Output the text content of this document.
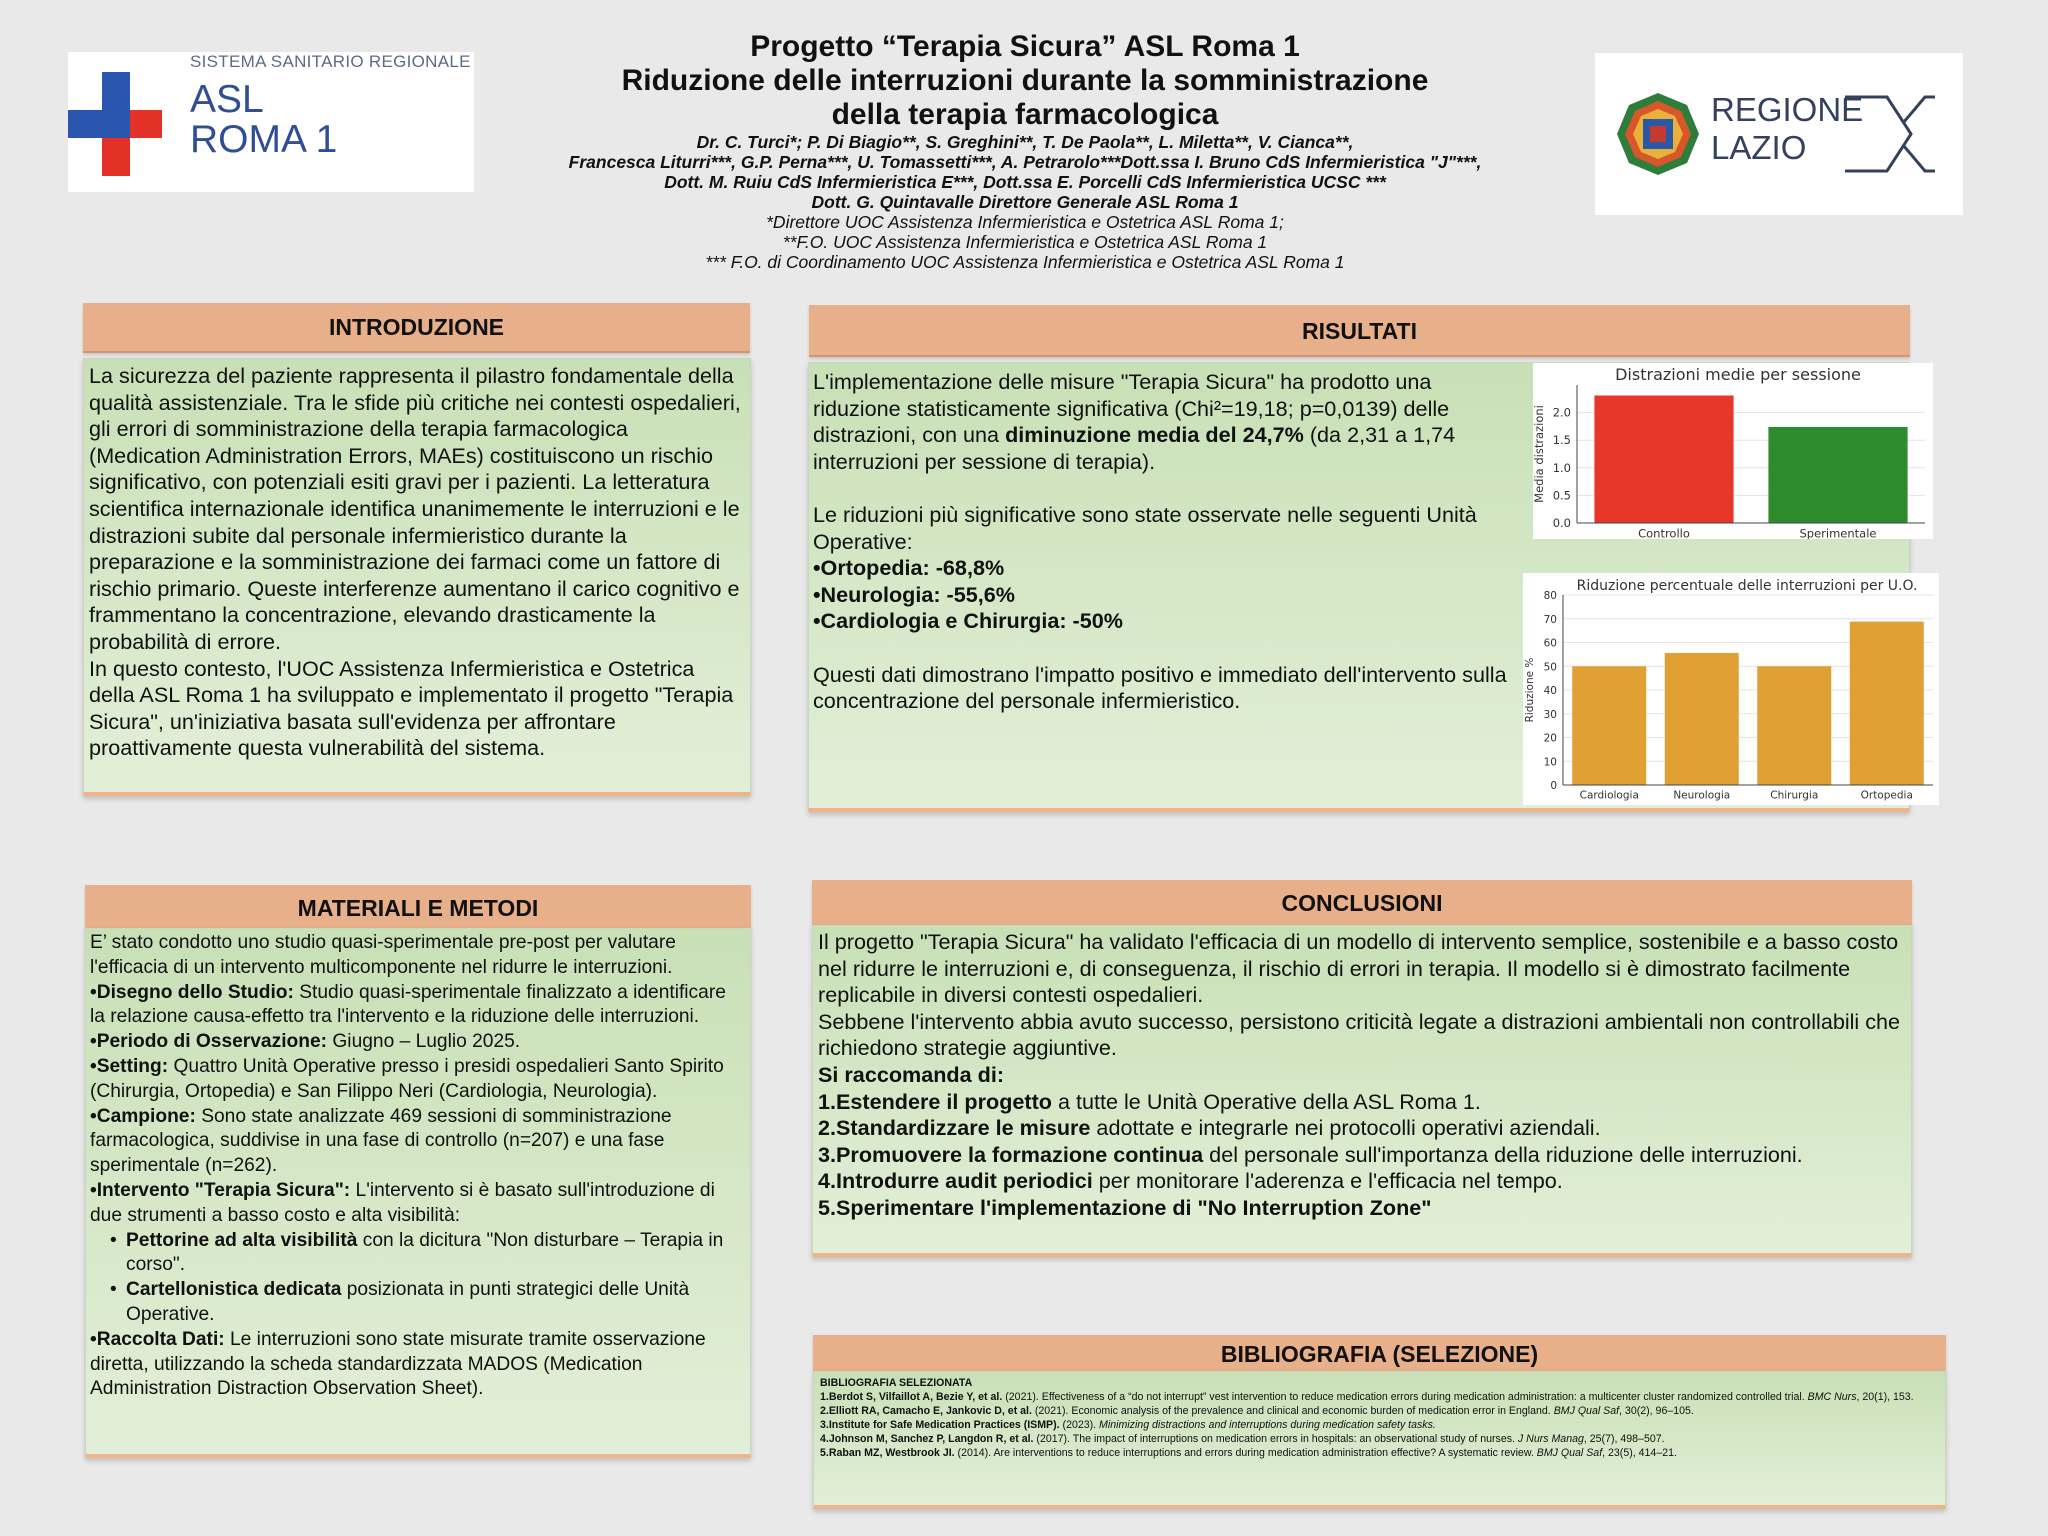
SISTEMA SANITARIO REGIONALE
ASL
ROMA 1
REGIONE
LAZIO
Progetto “Terapia Sicura” ASL Roma 1
Riduzione delle interruzioni durante la somministrazione
della terapia farmacologica
Dr. C. Turci*; P. Di Biagio**, S. Greghini**, T. De Paola**, L. Miletta**, V. Cianca**,
Francesca Liturri***, G.P. Perna***, U. Tomassetti***, A. Petrarolo***Dott.ssa I. Bruno CdS Infermieristica "J"***,
Dott. M. Ruiu CdS Infermieristica E***, Dott.ssa E. Porcelli CdS Infermieristica UCSC ***
Dott. G. Quintavalle Direttore Generale ASL Roma 1
*Direttore UOC Assistenza Infermieristica e Ostetrica ASL Roma 1;
**F.O. UOC Assistenza Infermieristica e Ostetrica ASL Roma 1
*** F.O. di Coordinamento UOC Assistenza Infermieristica e Ostetrica ASL Roma 1
INTRODUZIONE

La sicurezza del paziente rappresenta il pilastro fondamentale della qualità assistenziale. Tra le sfide più critiche nei contesti ospedalieri, gli errori di somministrazione della terapia farmacologica (Medication Administration Errors, MAEs) costituiscono un rischio significativo, con potenziali esiti gravi per i pazienti. La letteratura scientifica internazionale identifica unanimemente le interruzioni e le distrazioni subite dal personale infermieristico durante la preparazione e la somministrazione dei farmaci come un fattore di rischio primario. Queste interferenze aumentano il carico cognitivo e frammentano la concentrazione, elevando drasticamente la probabilità di errore.

In questo contesto, l'UOC Assistenza Infermieristica e Ostetrica della ASL Roma 1 ha sviluppato e implementato il progetto "Terapia Sicura", un'iniziativa basata sull'evidenza per affrontare proattivamente questa vulnerabilità del sistema.

RISULTATI

L'implementazione delle misure "Terapia Sicura" ha prodotto una riduzione statisticamente significativa (Chi²=19,18; p=0,0139) delle distrazioni, con una diminuzione media del 24,7% (da 2,31 a 1,74 interruzioni per sessione di terapia).

Le riduzioni più significative sono state osservate nelle seguenti Unità Operative:

•Ortopedia: -68,8%

•Neurologia: -55,6%

•Cardiologia e Chirurgia: -50%

Questi dati dimostrano l'impatto positivo e immediato dell'intervento sulla concentrazione del personale infermieristico.

Distrazioni medie per sessione
Media distrazioni
0.0
0.5
1.0
1.5
2.0
Controllo	Sperimentale
Riduzione percentuale delle interruzioni per U.O.
Riduzione %
0
10
20
30
40
50
60
70
80
Cardiologia	Neurologia	Chirurgia	Ortopedia
MATERIALI E METODI

E’ stato condotto uno studio quasi-sperimentale pre-post per valutare l'efficacia di un intervento multicomponente nel ridurre le interruzioni.

•Disegno dello Studio: Studio quasi-sperimentale finalizzato a identificare la relazione causa-effetto tra l'intervento e la riduzione delle interruzioni.

•Periodo di Osservazione: Giugno – Luglio 2025.

•Setting: Quattro Unità Operative presso i presidi ospedalieri Santo Spirito (Chirurgia, Ortopedia) e San Filippo Neri (Cardiologia, Neurologia).

•Campione: Sono state analizzate 469 sessioni di somministrazione farmacologica, suddivise in una fase di controllo (n=207) e una fase sperimentale (n=262).

•Intervento "Terapia Sicura": L'intervento si è basato sull'introduzione di due strumenti a basso costo e alta visibilità:

• Pettorine ad alta visibilità con la dicitura "Non disturbare – Terapia in corso".
• Cartellonistica dedicata posizionata in punti strategici delle Unità Operative.

•Raccolta Dati: Le interruzioni sono state misurate tramite osservazione diretta, utilizzando la scheda standardizzata MADOS (Medication Administration Distraction Observation Sheet).

CONCLUSIONI

Il progetto "Terapia Sicura" ha validato l'efficacia di un modello di intervento semplice, sostenibile e a basso costo nel ridurre le interruzioni e, di conseguenza, il rischio di errori in terapia. Il modello si è dimostrato facilmente replicabile in diversi contesti ospedalieri.

Sebbene l'intervento abbia avuto successo, persistono criticità legate a distrazioni ambientali non controllabili che richiedono strategie aggiuntive.

Si raccomanda di:

1.Estendere il progetto a tutte le Unità Operative della ASL Roma 1.

2.Standardizzare le misure adottate e integrarle nei protocolli operativi aziendali.

3.Promuovere la formazione continua del personale sull'importanza della riduzione delle interruzioni.

4.Introdurre audit periodici per monitorare l'aderenza e l'efficacia nel tempo.

5.Sperimentare l'implementazione di "No Interruption Zone"

BIBLIOGRAFIA (SELEZIONE)
BIBLIOGRAFIA SELEZIONATA
1.Berdot S, Vilfaillot A, Bezie Y, et al. (2021). Effectiveness of a “do not interrupt” vest intervention to reduce medication errors during medication administration: a multicenter cluster randomized controlled trial. BMC Nurs, 20(1), 153.
2.Elliott RA, Camacho E, Jankovic D, et al. (2021). Economic analysis of the prevalence and clinical and economic burden of medication error in England. BMJ Qual Saf, 30(2), 96–105.
3.Institute for Safe Medication Practices (ISMP). (2023). Minimizing distractions and interruptions during medication safety tasks.
4.Johnson M, Sanchez P, Langdon R, et al. (2017). The impact of interruptions on medication errors in hospitals: an observational study of nurses. J Nurs Manag, 25(7), 498–507.
5.Raban MZ, Westbrook JI. (2014). Are interventions to reduce interruptions and errors during medication administration effective? A systematic review. BMJ Qual Saf, 23(5), 414–21.
